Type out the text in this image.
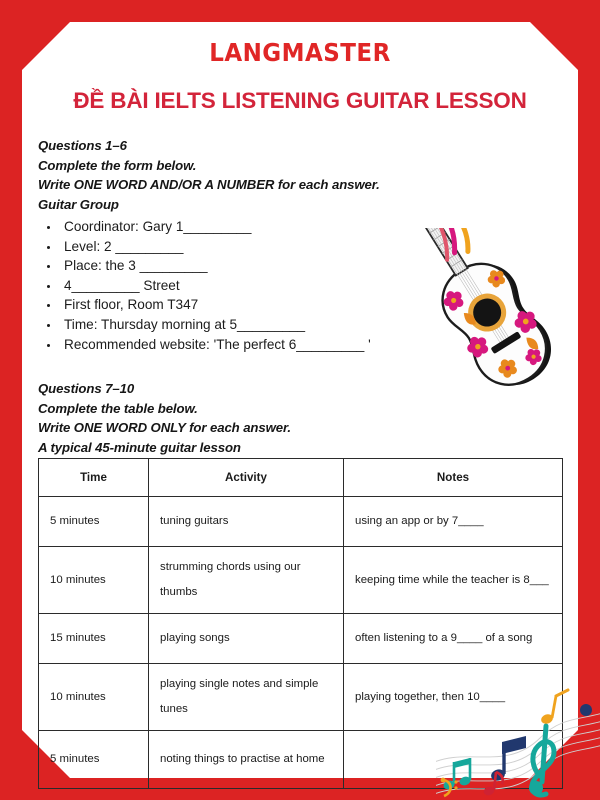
LANGMASTER
ĐỀ BÀI IELTS LISTENING GUITAR LESSON
Questions 1–6
Complete the form below.
Write ONE WORD AND/OR A NUMBER for each answer.
Guitar Group
Coordinator: Gary 1_________
Level: 2 _________
Place: the 3 _________
4_________ Street
First floor, Room T347
Time: Thursday morning at 5_________
Recommended website: 'The perfect 6_________ '
Questions 7–10
Complete the table below.
Write ONE WORD ONLY for each answer.
A typical 45-minute guitar lesson
Time	Activity	Notes
5 minutes	tuning guitars	using an app or by 7____
10 minutes	strumming chords using our thumbs	keeping time while the teacher is 8___
15 minutes	playing songs	often listening to a 9____ of a song
10 minutes	playing single notes and simple tunes	playing together, then 10____
5 minutes	noting things to practise at home	
